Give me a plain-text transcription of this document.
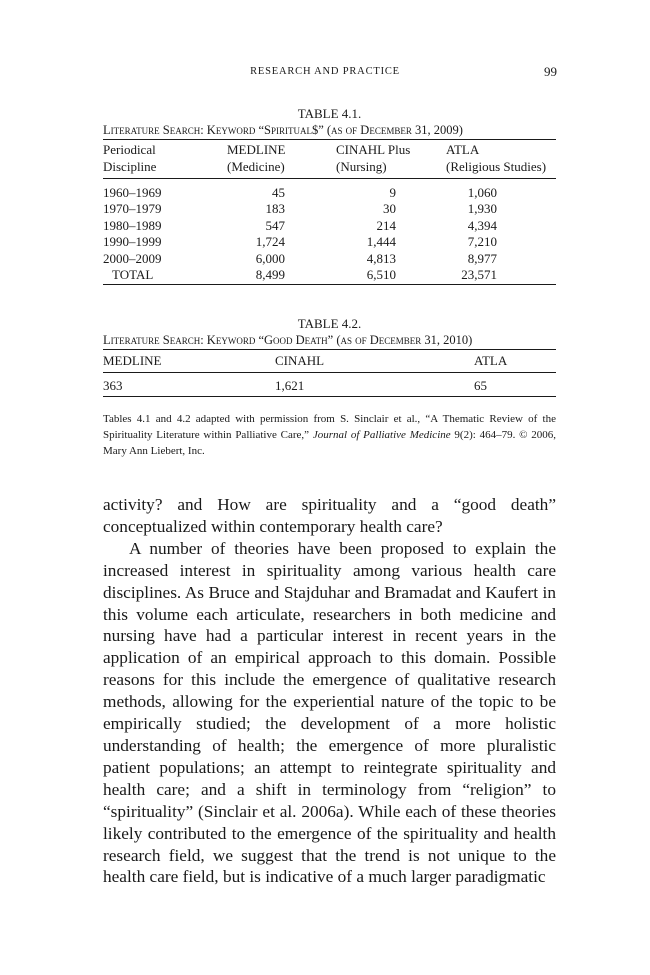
RESEARCH AND PRACTICE	99
TABLE 4.1.
Literature Search: Keyword “Spiritual$” (as of December 31, 2009)
Periodical	MEDLINE	CINAHL Plus	ATLA
Discipline	(Medicine)	(Nursing)	(Religious Studies)
1960–1969	45	9	1,060
1970–1979	183	30	1,930
1980–1989	547	214	4,394
1990–1999	1,724	1,444	7,210
2000–2009	6,000	4,813	8,977
TOTAL	8,499	6,510	23,571
TABLE 4.2.
Literature Search: Keyword “Good Death” (as of December 31, 2010)
MEDLINE	CINAHL	ATLA
363	1,621	65

Tables 4.1 and 4.2 adapted with permission from S. Sinclair et al., “A Thematic Review of the Spirituality Literature within Palliative Care,” Journal of Palliative Medicine 9(2): 464–79. © 2006, Mary Ann Liebert, Inc.

activity? and How are spirituality and a “good death” conceptualized within contemporary health care?

A number of theories have been proposed to explain the increased interest in spirituality among various health care disciplines. As Bruce and Stajduhar and Bramadat and Kaufert in this volume each articulate, researchers in both medicine and nursing have had a particular interest in recent years in the application of an empirical approach to this domain. Possible reasons for this include the emergence of qualitative research methods, allowing for the experiential nature of the topic to be empirically studied; the development of a more holistic understanding of health; the emergence of more pluralistic patient populations; an attempt to reintegrate spirituality and health care; and a shift in terminology from “religion” to “spirituality” (Sinclair et al. 2006a). While each of these theories likely contributed to the emergence of the spirituality and health research field, we suggest that the trend is not unique to the health care field, but is indicative of a much larger paradigmatic
